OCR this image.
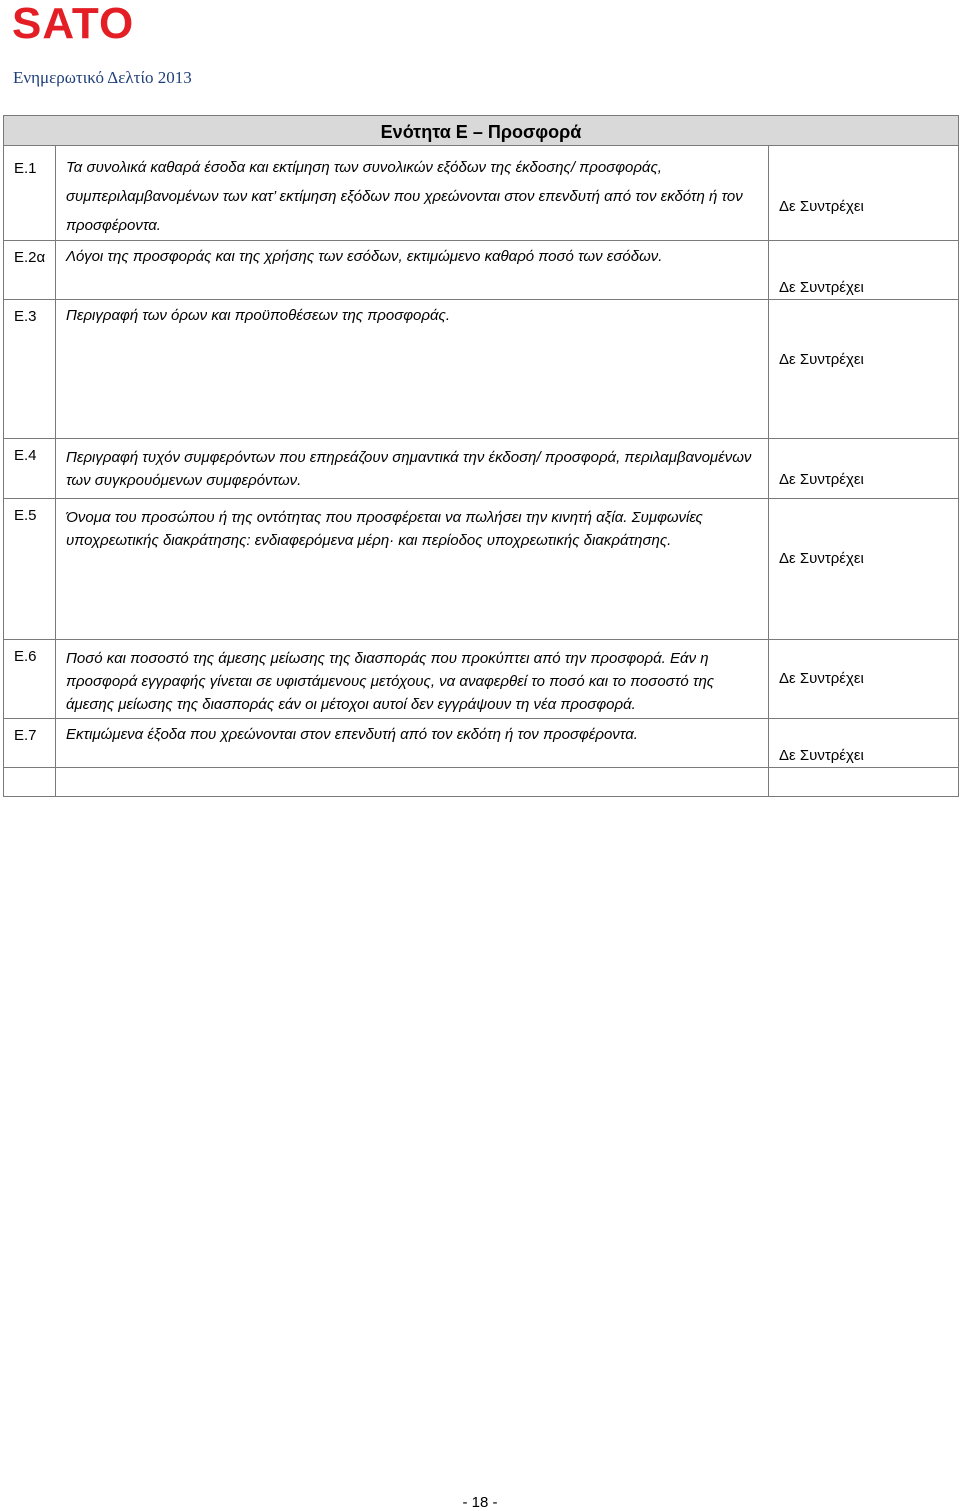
SATO
Ενημερωτικό Δελτίο 2013
Ενότητα Ε – Προσφορά		
Ε.1	Τα συνολικά καθαρά έσοδα και εκτίμηση των συνολικών εξόδων της έκδοσης/ προσφοράς, συμπεριλαμβανομένων των κατ’ εκτίμηση εξόδων που χρεώνονται στον επενδυτή από τον εκδότη ή τον προσφέροντα.	Δε Συντρέχει

Ε.2α	Λόγοι της προσφοράς και της χρήσης των εσόδων, εκτιμώμενο καθαρό ποσό των εσόδων.	Δε Συντρέχει

Ε.3	Περιγραφή των όρων και προϋποθέσεων της προσφοράς.	Δε Συντρέχει

Ε.4	Περιγραφή τυχόν συμφερόντων που επηρεάζουν σημαντικά την έκδοση/ προσφορά, περιλαμβανομένων των συγκρουόμενων συμφερόντων.	Δε Συντρέχει

Ε.5	Όνομα του προσώπου ή της οντότητας που προσφέρεται να πωλήσει την κινητή αξία. Συμφωνίες υποχρεωτικής διακράτησης: ενδιαφερόμενα μέρη· και περίοδος υποχρεωτικής διακράτησης.	Δε Συντρέχει

Ε.6	Ποσό και ποσοστό της άμεσης μείωσης της διασποράς που προκύπτει από την προσφορά. Εάν η προσφορά εγγραφής γίνεται σε υφιστάμενους μετόχους, να αναφερθεί το ποσό και το ποσοστό της άμεσης μείωσης της διασποράς εάν οι μέτοχοι αυτοί δεν εγγράψουν τη νέα προσφορά.	Δε Συντρέχει

Ε.7	Εκτιμώμενα έξοδα που χρεώνονται στον επενδυτή από τον εκδότη ή τον προσφέροντα.	Δε Συντρέχει

- 18 -
